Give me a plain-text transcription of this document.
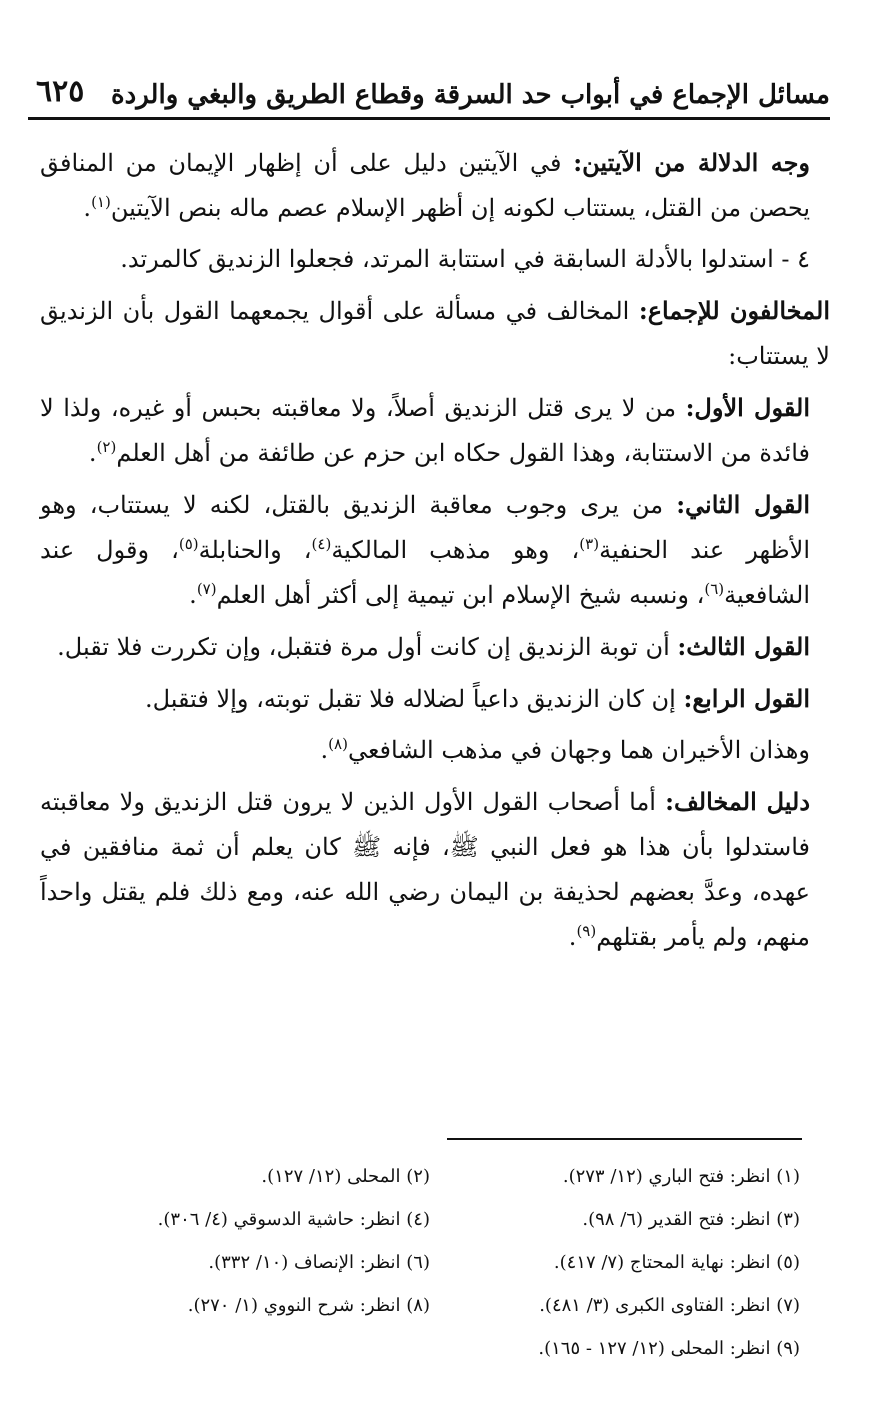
مسائل الإجماع في أبواب حد السرقة وقطاع الطريق والبغي والردة
٦٢٥

وجه الدلالة من الآيتين: في الآيتين دليل على أن إظهار الإيمان من المنافق يحصن من القتل، يستتاب لكونه إن أظهر الإسلام عصم ماله بنص الآيتين$^{(١)}$.

٤ - استدلوا بالأدلة السابقة في استتابة المرتد، فجعلوا الزنديق كالمرتد.

المخالفون للإجماع: المخالف في مسألة على أقوال يجمعهما القول بأن الزنديق لا يستتاب:

القول الأول: من لا يرى قتل الزنديق أصلاً، ولا معاقبته بحبس أو غيره، ولذا لا فائدة من الاستتابة، وهذا القول حكاه ابن حزم عن طائفة من أهل العلم$^{(٢)}$.

القول الثاني: من يرى وجوب معاقبة الزنديق بالقتل، لكنه لا يستتاب، وهو الأظهر عند الحنفية$^{(٣)}$، وهو مذهب المالكية$^{(٤)}$، والحنابلة$^{(٥)}$، وقول عند الشافعية$^{(٦)}$، ونسبه شيخ الإسلام ابن تيمية إلى أكثر أهل العلم$^{(٧)}$.

القول الثالث: أن توبة الزنديق إن كانت أول مرة فتقبل، وإن تكررت فلا تقبل.

القول الرابع: إن كان الزنديق داعياً لضلاله فلا تقبل توبته، وإلا فتقبل.

وهذان الأخيران هما وجهان في مذهب الشافعي$^{(٨)}$.

دليل المخالف: أما أصحاب القول الأول الذين لا يرون قتل الزنديق ولا معاقبته فاستدلوا بأن هذا هو فعل النبي ﷺ، فإنه ﷺ كان يعلم أن ثمة منافقين في عهده، وعدَّ بعضهم لحذيفة بن اليمان رضي الله عنه، ومع ذلك فلم يقتل واحداً منهم، ولم يأمر بقتلهم$^{(٩)}$.

(١) انظر: فتح الباري (١٢/ ٢٧٣).
(٣) انظر: فتح القدير (٦/ ٩٨).
(٥) انظر: نهاية المحتاج (٧/ ٤١٧).
(٧) انظر: الفتاوى الكبرى (٣/ ٤٨١).
(٩) انظر: المحلى (١٢/ ١٢٧ - ١٦٥).
(٢) المحلى (١٢/ ١٢٧).
(٤) انظر: حاشية الدسوقي (٤/ ٣٠٦).
(٦) انظر: الإنصاف (١٠/ ٣٣٢).
(٨) انظر: شرح النووي (١/ ٢٧٠).
